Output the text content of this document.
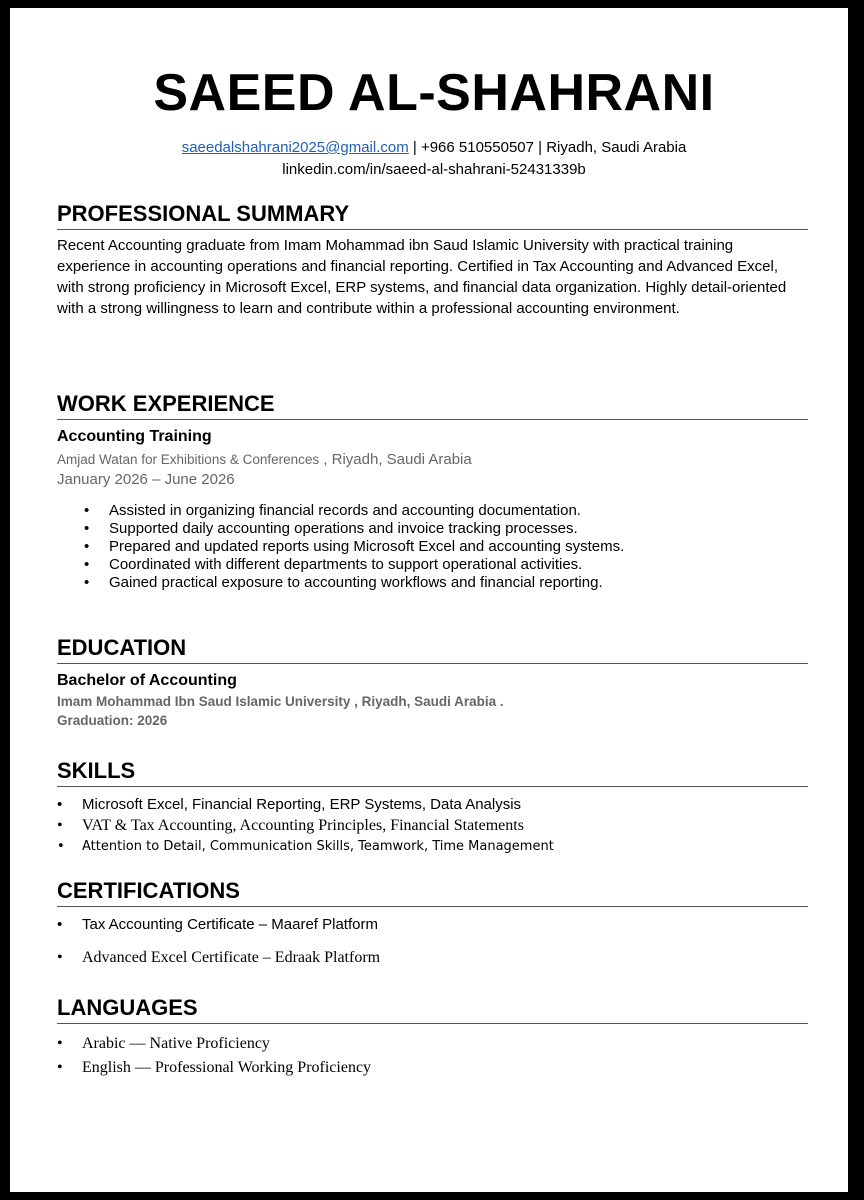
SAEED AL-SHAHRANI
saeedalshahrani2025@gmail.com | +966 510550507 | Riyadh, Saudi Arabia
linkedin.com/in/saeed-al-shahrani-52431339b
PROFESSIONAL SUMMARY

Recent Accounting graduate from Imam Mohammad ibn Saud Islamic University with practical training experience in accounting operations and financial reporting. Certified in Tax Accounting and Advanced Excel, with strong proficiency in Microsoft Excel, ERP systems, and financial data organization. Highly detail-oriented with a strong willingness to learn and contribute within a professional accounting environment.

WORK EXPERIENCE
Accounting Training
Amjad Watan for Exhibitions & Conferences , Riyadh, Saudi Arabia
January 2026 – June 2026
• Assisted in organizing financial records and accounting documentation.
• Supported daily accounting operations and invoice tracking processes.
• Prepared and updated reports using Microsoft Excel and accounting systems.
• Coordinated with different departments to support operational activities.
• Gained practical exposure to accounting workflows and financial reporting.
EDUCATION
Bachelor of Accounting
Imam Mohammad Ibn Saud Islamic University , Riyadh, Saudi Arabia .
Graduation: 2026
SKILLS
• Microsoft Excel, Financial Reporting, ERP Systems, Data Analysis
• VAT & Tax Accounting, Accounting Principles, Financial Statements
• Attention to Detail, Communication Skills, Teamwork, Time Management
CERTIFICATIONS
• Tax Accounting Certificate – Maaref Platform
• Advanced Excel Certificate – Edraak Platform
LANGUAGES
• Arabic — Native Proficiency
• English — Professional Working Proficiency
